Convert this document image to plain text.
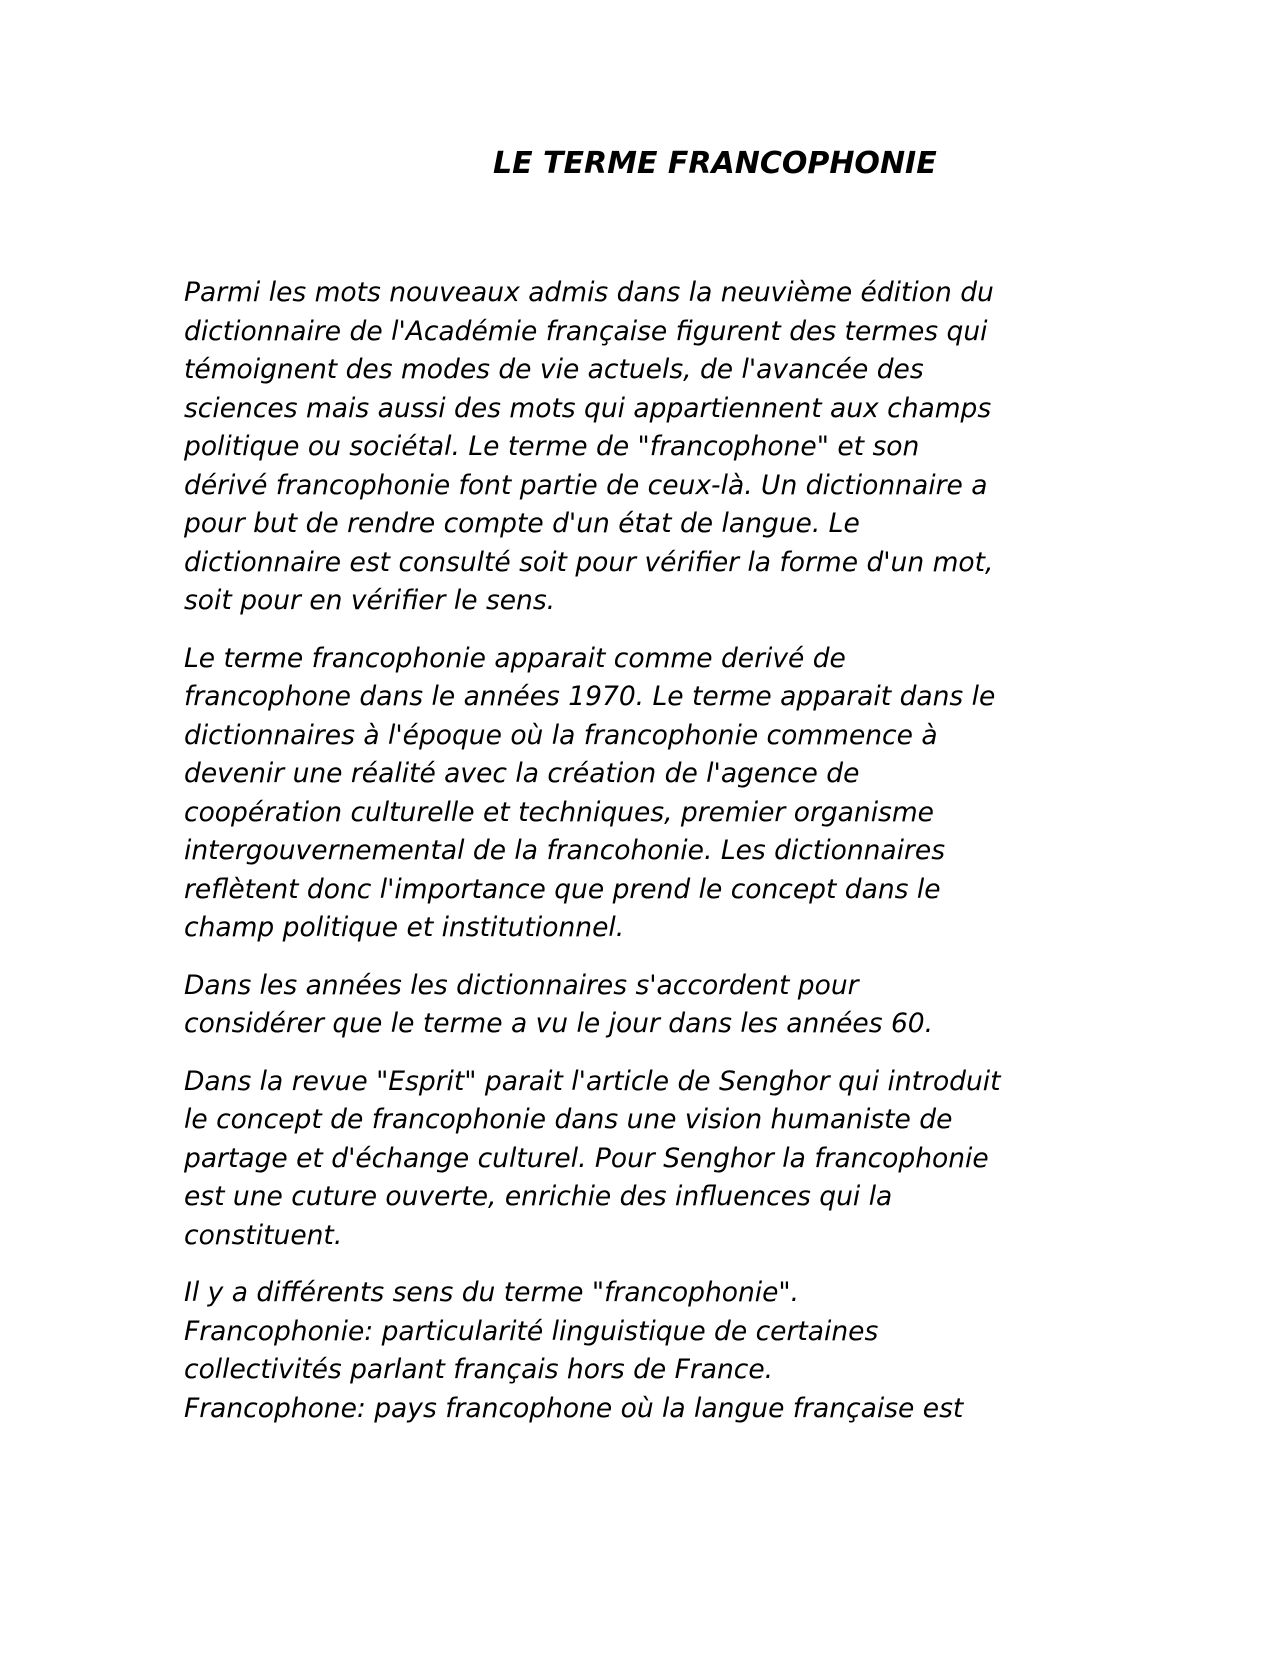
LE TERME FRANCOPHONIE

Parmi les mots nouveaux admis dans la neuvième édition du
dictionnaire de l'Académie française figurent des termes qui
témoignent des modes de vie actuels, de l'avancée des
sciences mais aussi des mots qui appartiennent aux champs
politique ou sociétal. Le terme de "francophone" et son
dérivé francophonie font partie de ceux-là. Un dictionnaire a
pour but de rendre compte d'un état de langue. Le
dictionnaire est consulté soit pour vérifier la forme d'un mot,
soit pour en vérifier le sens.

Le terme francophonie apparait comme derivé de
francophone dans le années 1970. Le terme apparait dans le
dictionnaires à l'époque où la francophonie commence à
devenir une réalité avec la création de l'agence de
coopération culturelle et techniques, premier organisme
intergouvernemental de la francohonie. Les dictionnaires
reflètent donc l'importance que prend le concept dans le
champ politique et institutionnel.

Dans les années les dictionnaires s'accordent pour
considérer que le terme a vu le jour dans les années 60.

Dans la revue "Esprit" parait l'article de Senghor qui introduit
le concept de francophonie dans une vision humaniste de
partage et d'échange culturel. Pour Senghor la francophonie
est une cuture ouverte, enrichie des influences qui la
constituent.

Il y a différents sens du terme "francophonie".
Francophonie: particularité linguistique de certaines
collectivités parlant français hors de France.
Francophone: pays francophone où la langue française est
